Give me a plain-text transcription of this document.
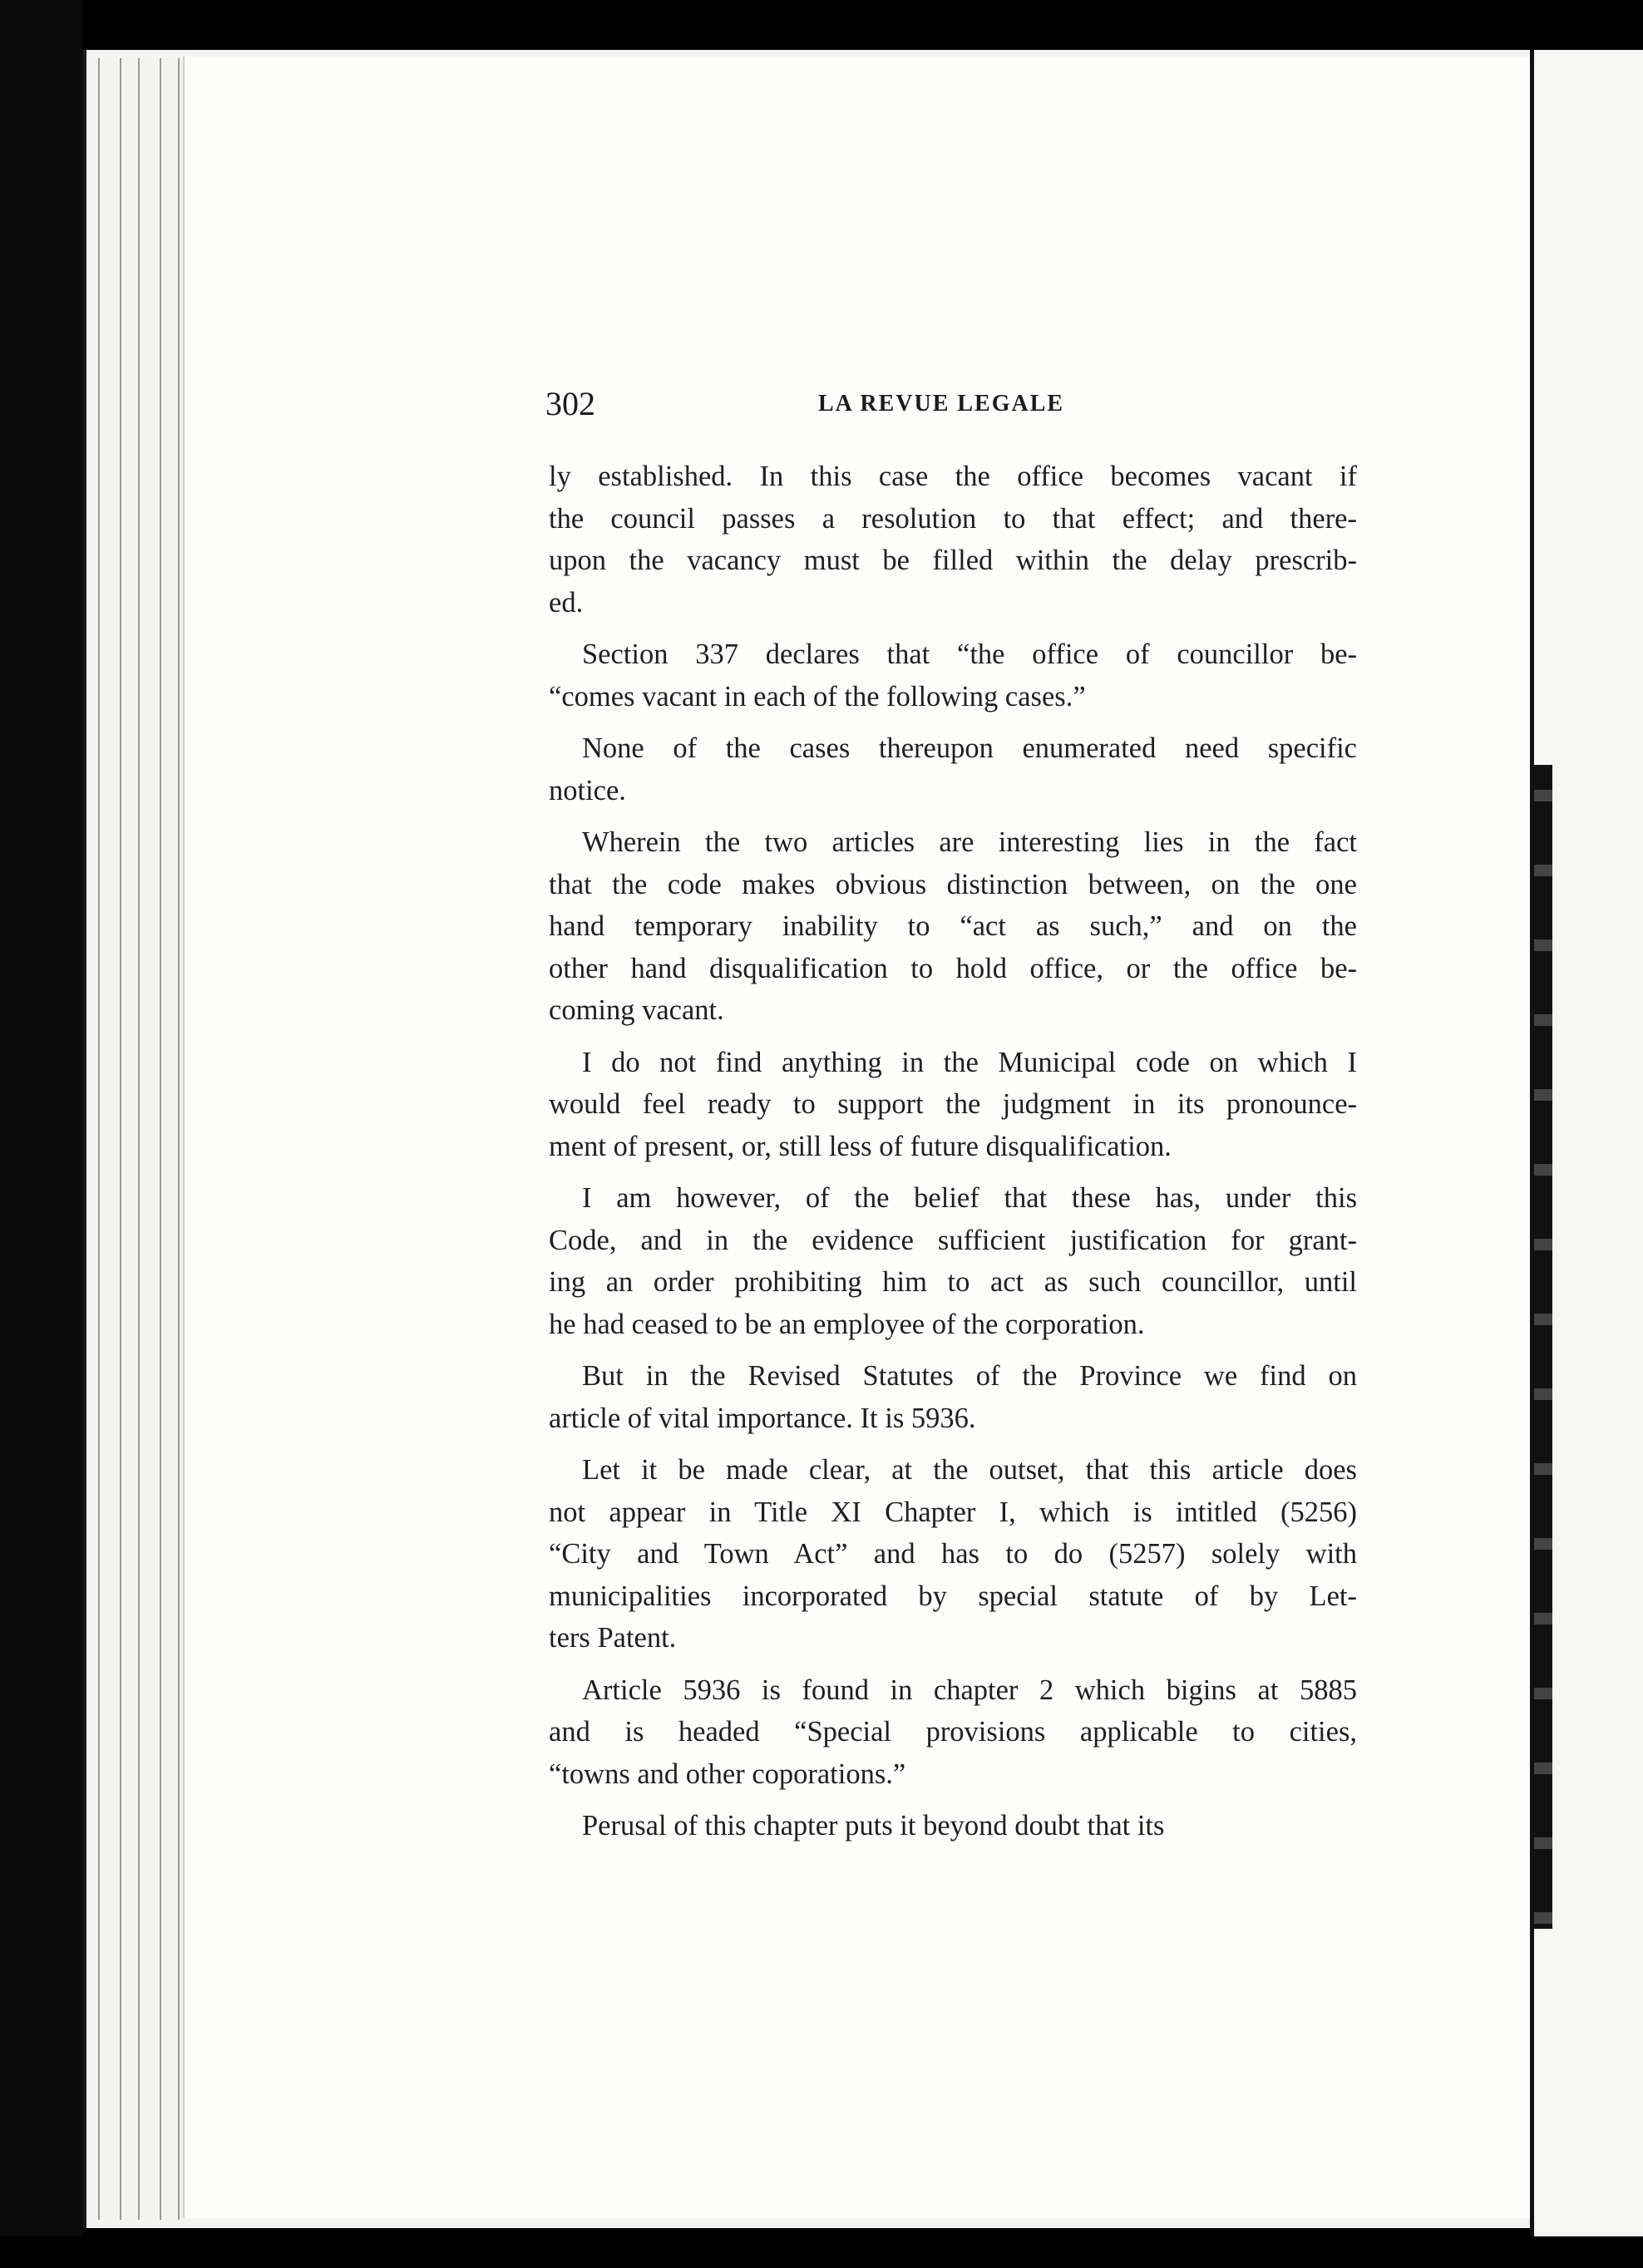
302	LA REVUE LEGALE
ly established. In this case the office becomes vacant if
the council passes a resolution to that effect; and there-
upon the vacancy must be filled within the delay prescrib-
ed.
Section 337 declares that “the office of councillor be-
“comes vacant in each of the following cases.”
None of the cases thereupon enumerated need specific
notice.
Wherein the two articles are interesting lies in the fact
that the code makes obvious distinction between, on the one
hand temporary inability to “act as such,” and on the
other hand disqualification to hold office, or the office be-
coming vacant.
I do not find anything in the Municipal code on which I
would feel ready to support the judgment in its pronounce-
ment of present, or, still less of future disqualification.
I am however, of the belief that these has, under this
Code, and in the evidence sufficient justification for grant-
ing an order prohibiting him to act as such councillor, until
he had ceased to be an employee of the corporation.
But in the Revised Statutes of the Province we find on
article of vital importance. It is 5936.
Let it be made clear, at the outset, that this article does
not appear in Title XI Chapter I, which is intitled (5256)
“City and Town Act” and has to do (5257) solely with
municipalities incorporated by special statute of by Let-
ters Patent.
Article 5936 is found in chapter 2 which bigins at 5885
and is headed “Special provisions applicable to cities,
“towns and other coporations.”
Perusal of this chapter puts it beyond doubt that its
